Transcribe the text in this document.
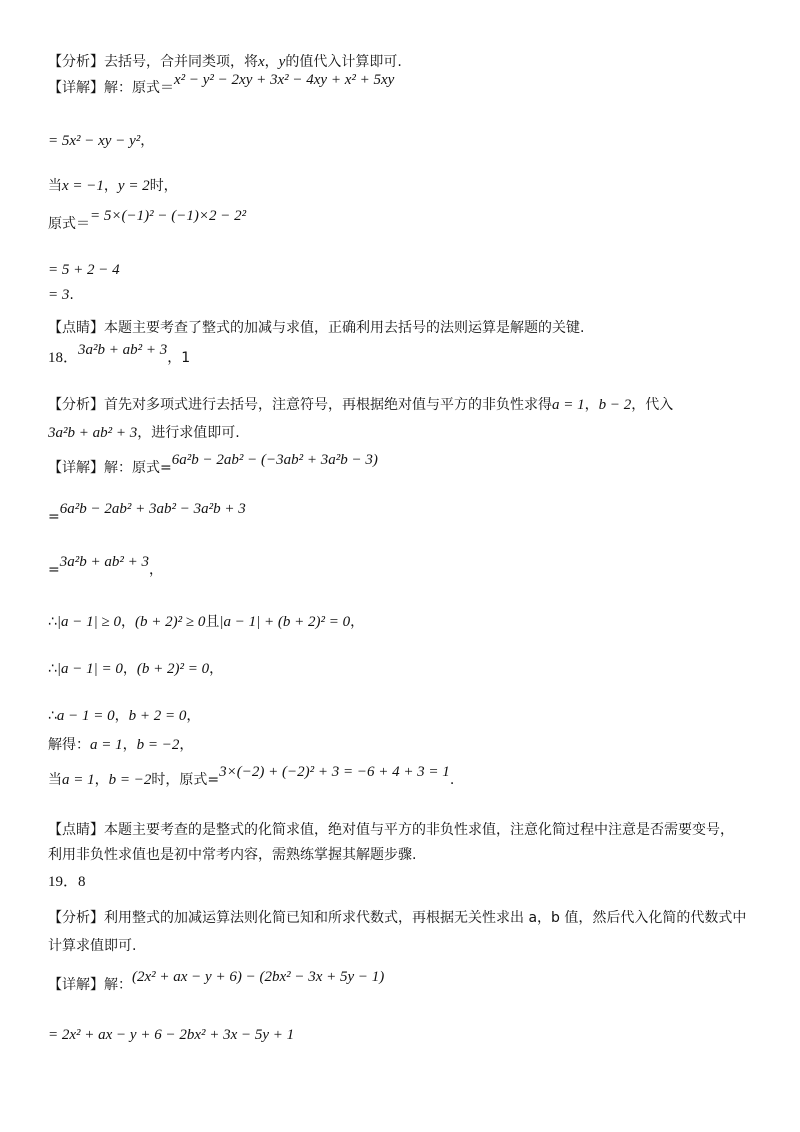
【分析】去括号，合并同类项，将x，y的值代入计算即可.
【详解】解：原式＝x² − y² − 2xy + 3x² − 4xy + x² + 5xy
= 5x² − xy − y²，
当x = −1，y = 2时，
原式＝= 5×(−1)² − (−1)×2 − 2²
= 5 + 2 − 4
= 3.
【点睛】本题主要考查了整式的加减与求值，正确利用去括号的法则运算是解题的关键.
18．3a²b + ab² + 3，1
【分析】首先对多项式进行去括号，注意符号，再根据绝对值与平方的非负性求得a = 1，b − 2，代入
3a²b + ab² + 3，进行求值即可.
【详解】解：原式=6a²b − 2ab² − (−3ab² + 3a²b − 3)
=6a²b − 2ab² + 3ab² − 3a²b + 3
=3a²b + ab² + 3，
∴|a − 1| ≥ 0，(b + 2)² ≥ 0且|a − 1| + (b + 2)² = 0，
∴|a − 1| = 0，(b + 2)² = 0，
∴a − 1 = 0，b + 2 = 0，
解得：a = 1，b = −2，
当a = 1，b = −2时，原式=3×(−2) + (−2)² + 3 = −6 + 4 + 3 = 1.
【点睛】本题主要考查的是整式的化简求值，绝对值与平方的非负性求值，注意化简过程中注意是否需要变号，
利用非负性求值也是初中常考内容，需熟练掌握其解题步骤.
19．8
【分析】利用整式的加减运算法则化简已知和所求代数式，再根据无关性求出 a，b 值，然后代入化简的代数式中
计算求值即可.
【详解】解：(2x² + ax − y + 6) − (2bx² − 3x + 5y − 1)
= 2x² + ax − y + 6 − 2bx² + 3x − 5y + 1
